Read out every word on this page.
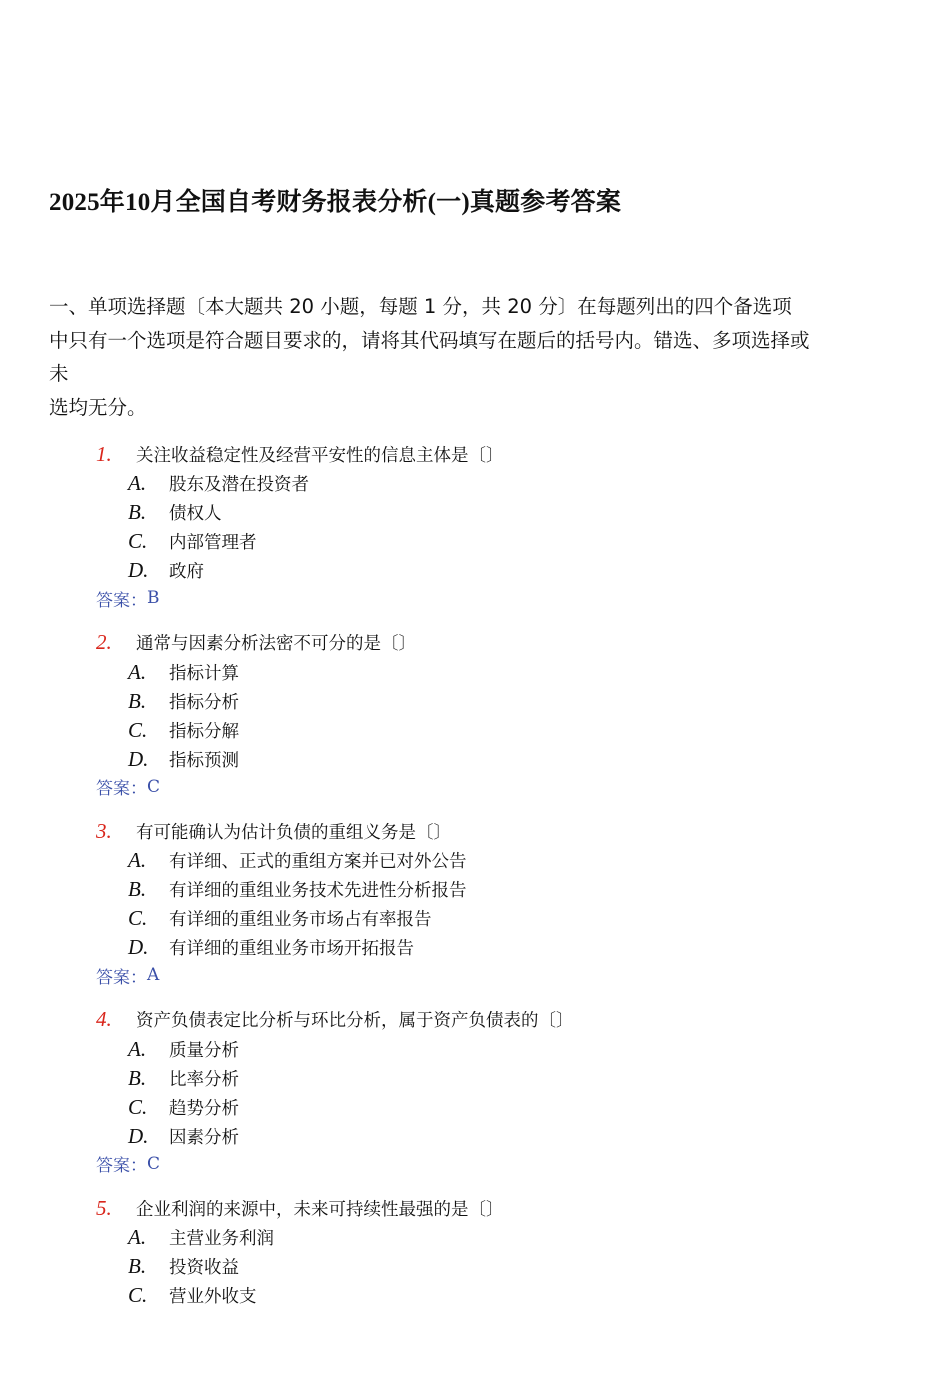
2025年10月全国自考财务报表分析(一)真题参考答案
一、单项选择题〔本大题共 20 小题，每题 1 分，共 20 分〕在每题列出的四个备选项
中只有一个选项是符合题目要求的，请将其代码填写在题后的括号内。错选、多项选择或
未
选均无分。
1.	关注收益稳定性及经营平安性的信息主体是〔〕
A.	股东及潜在投资者
B.	债权人
C.	内部管理者
D.	政府
答案： B
2.	通常与因素分析法密不可分的是〔〕
A.	指标计算
B.	指标分析
C.	指标分解
D.	指标预测
答案： C
3.	有可能确认为估计负债的重组义务是〔〕
A.	有详细、正式的重组方案并已对外公告
B.	有详细的重组业务技术先进性分析报告
C.	有详细的重组业务市场占有率报告
D.	有详细的重组业务市场开拓报告
答案： A
4.	资产负债表定比分析与环比分析，属于资产负债表的〔〕
A.	质量分析
B.	比率分析
C.	趋势分析
D.	因素分析
答案： C
5.	企业利润的来源中，未来可持续性最强的是〔〕
A.	主营业务利润
B.	投资收益
C.	营业外收支
